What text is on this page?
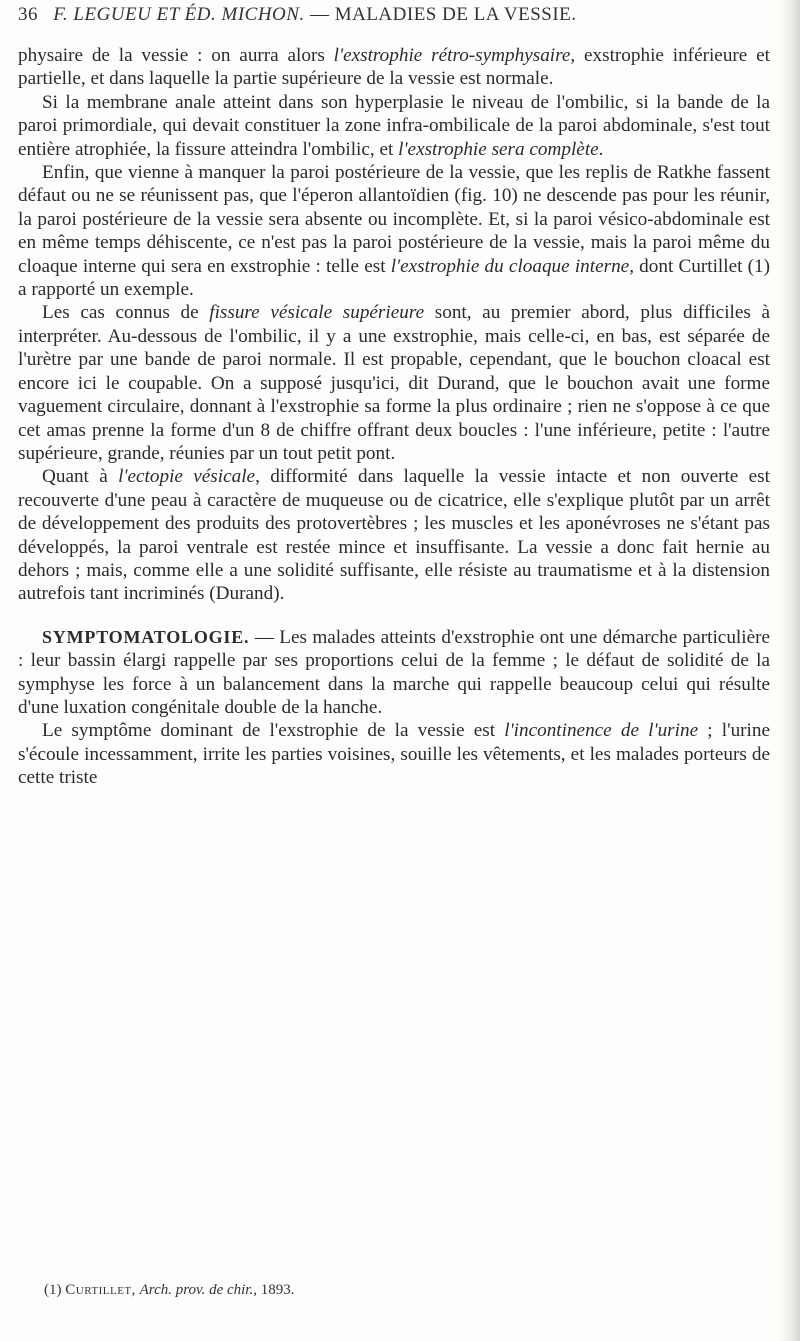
36 F. LEGUEU ET ÉD. MICHON. — MALADIES DE LA VESSIE.

physaire de la vessie : on aurra alors l'exstrophie rétro-symphysaire, exstrophie inférieure et partielle, et dans laquelle la partie supérieure de la vessie est normale.

Si la membrane anale atteint dans son hyperplasie le niveau de l'ombilic, si la bande de la paroi primordiale, qui devait constituer la zone infra-ombilicale de la paroi abdominale, s'est tout entière atrophiée, la fissure atteindra l'ombilic, et l'exstrophie sera complète.

Enfin, que vienne à manquer la paroi postérieure de la vessie, que les replis de Ratkhe fassent défaut ou ne se réunissent pas, que l'éperon allantoïdien (fig. 10) ne descende pas pour les réunir, la paroi postérieure de la vessie sera absente ou incomplète. Et, si la paroi vésico-abdominale est en même temps déhiscente, ce n'est pas la paroi postérieure de la vessie, mais la paroi même du cloaque interne qui sera en exstrophie : telle est l'exstrophie du cloaque interne, dont Curtillet (1) a rapporté un exemple.

Les cas connus de fissure vésicale supérieure sont, au premier abord, plus difficiles à interpréter. Au-dessous de l'ombilic, il y a une exstrophie, mais celle-ci, en bas, est séparée de l'urètre par une bande de paroi normale. Il est propable, cependant, que le bouchon cloacal est encore ici le coupable. On a supposé jusqu'ici, dit Durand, que le bouchon avait une forme vaguement circulaire, donnant à l'exstrophie sa forme la plus ordinaire ; rien ne s'oppose à ce que cet amas prenne la forme d'un 8 de chiffre offrant deux boucles : l'une inférieure, petite : l'autre supérieure, grande, réunies par un tout petit pont.

Quant à l'ectopie vésicale, difformité dans laquelle la vessie intacte et non ouverte est recouverte d'une peau à caractère de muqueuse ou de cicatrice, elle s'explique plutôt par un arrêt de développement des produits des protovertèbres ; les muscles et les aponévroses ne s'étant pas développés, la paroi ventrale est restée mince et insuffisante. La vessie a donc fait hernie au dehors ; mais, comme elle a une solidité suffisante, elle résiste au traumatisme et à la distension autrefois tant incriminés (Durand).

SYMPTOMATOLOGIE. — Les malades atteints d'exstrophie ont une démarche particulière : leur bassin élargi rappelle par ses proportions celui de la femme ; le défaut de solidité de la symphyse les force à un balancement dans la marche qui rappelle beaucoup celui qui résulte d'une luxation congénitale double de la hanche.

Le symptôme dominant de l'exstrophie de la vessie est l'incontinence de l'urine ; l'urine s'écoule incessamment, irrite les parties voisines, souille les vêtements, et les malades porteurs de cette triste

(1) Curtillet, Arch. prov. de chir., 1893.
